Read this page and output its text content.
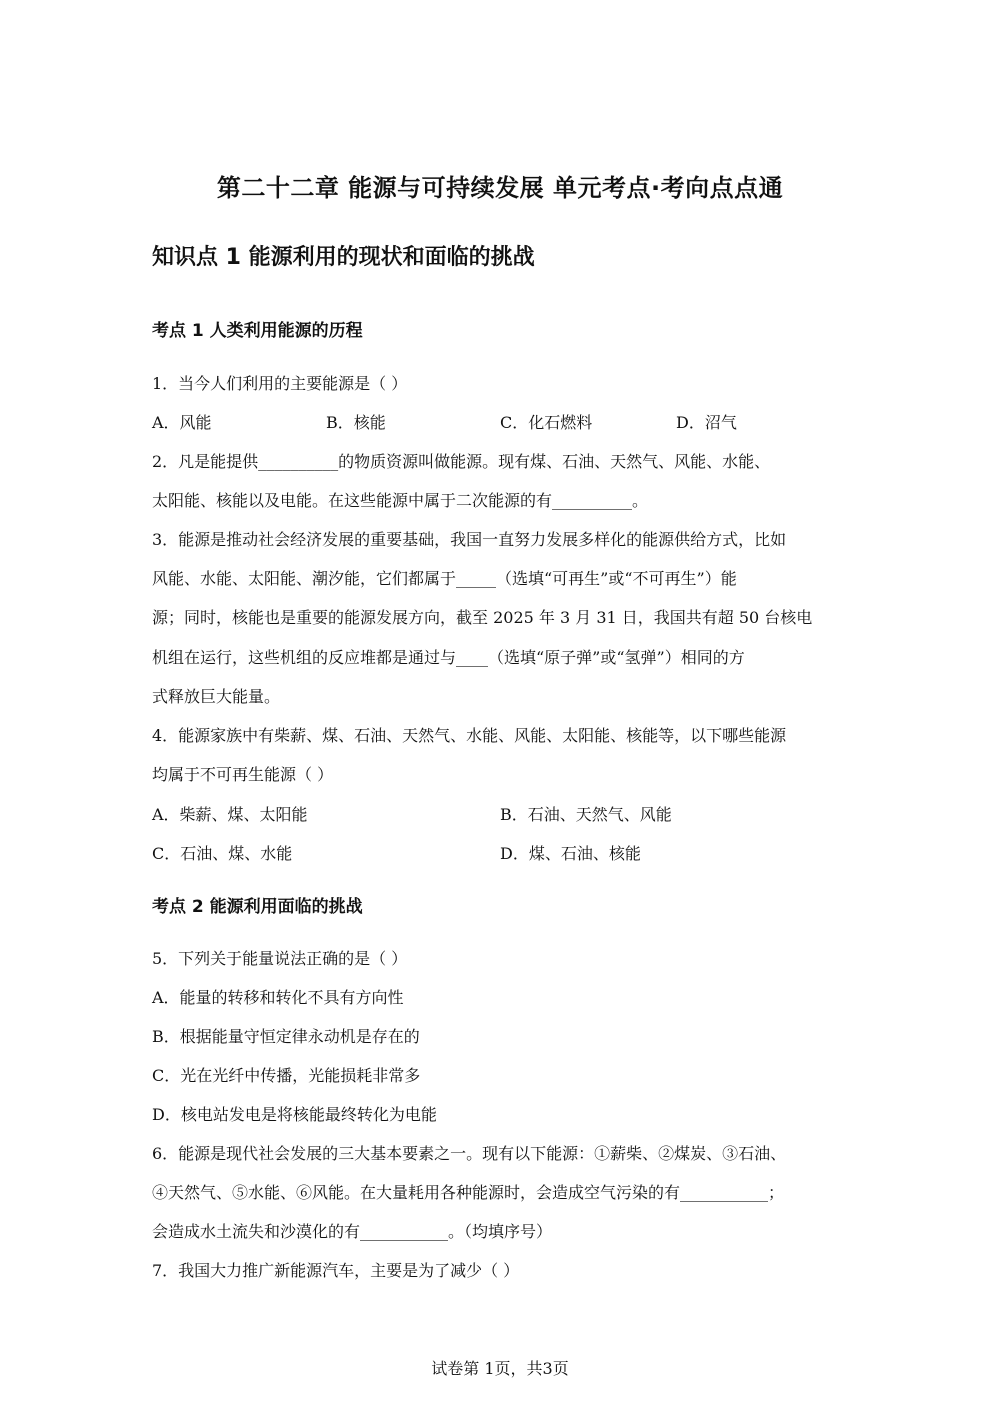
第二十二章 能源与可持续发展 单元考点·考向点点通
知识点 1 能源利用的现状和面临的挑战
考点 1 人类利用能源的历程
1．当今人们利用的主要能源是（ ）
A．风能	B．核能	C．化石燃料	D．沼气
2．凡是能提供__________的物质资源叫做能源。现有煤、石油、天然气、风能、水能、
太阳能、核能以及电能。在这些能源中属于二次能源的有__________。
3．能源是推动社会经济发展的重要基础，我国一直努力发展多样化的能源供给方式，比如
风能、水能、太阳能、潮汐能，它们都属于_____（选填“可再生”或“不可再生”）能
源；同时，核能也是重要的能源发展方向，截至 2025 年 3 月 31 日，我国共有超 50 台核电
机组在运行，这些机组的反应堆都是通过与____（选填“原子弹”或“氢弹”）相同的方
式释放巨大能量。
4．能源家族中有柴薪、煤、石油、天然气、水能、风能、太阳能、核能等，以下哪些能源
均属于不可再生能源（ ）
A．柴薪、煤、太阳能	B．石油、天然气、风能
C．石油、煤、水能	D．煤、石油、核能
考点 2 能源利用面临的挑战
5．下列关于能量说法正确的是（ ）
A．能量的转移和转化不具有方向性
B．根据能量守恒定律永动机是存在的
C．光在光纤中传播，光能损耗非常多
D．核电站发电是将核能最终转化为电能
6．能源是现代社会发展的三大基本要素之一。现有以下能源：①薪柴、②煤炭、③石油、
④天然气、⑤水能、⑥风能。在大量耗用各种能源时，会造成空气污染的有___________；
会造成水土流失和沙漠化的有___________。（均填序号）
7．我国大力推广新能源汽车，主要是为了减少（ ）
试卷第 1页，共3页
